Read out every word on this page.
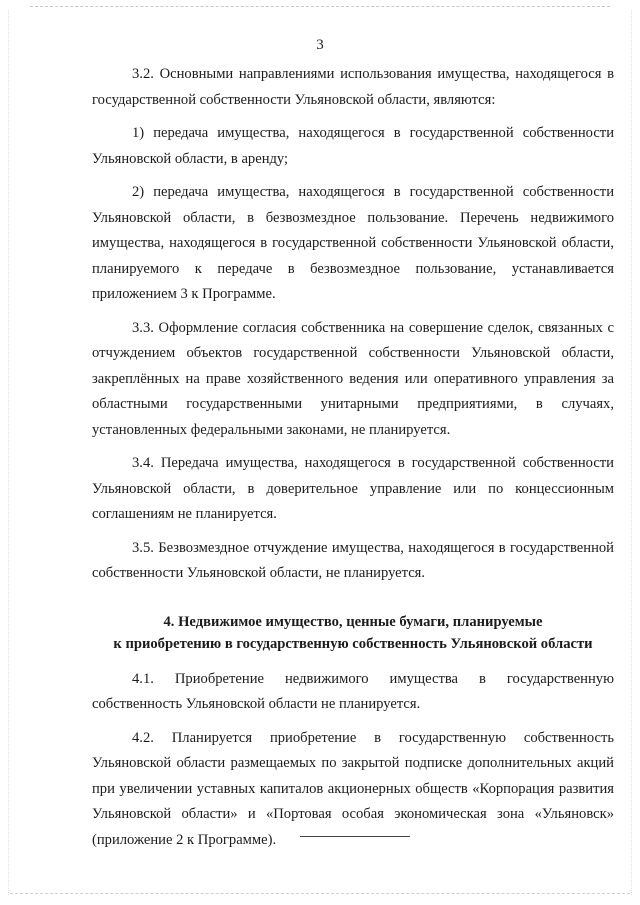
3

3.2. Основными направлениями использования имущества, находящегося в государственной собственности Ульяновской области, являются:

1) передача имущества, находящегося в государственной собственности Ульяновской области, в аренду;

2) передача имущества, находящегося в государственной собственности Ульяновской области, в безвозмездное пользование. Перечень недвижимого имущества, находящегося в государственной собственности Ульяновской области, планируемого к передаче в безвозмездное пользование, устанавливается приложением 3 к Программе.

3.3. Оформление согласия собственника на совершение сделок, связанных с отчуждением объектов государственной собственности Ульяновской области, закреплённых на праве хозяйственного ведения или оперативного управления за областными государственными унитарными предприятиями, в случаях, установленных федеральными законами, не планируется.

3.4. Передача имущества, находящегося в государственной собственности Ульяновской области, в доверительное управление или по концессионным соглашениям не планируется.

3.5. Безвозмездное отчуждение имущества, находящегося в государственной собственности Ульяновской области, не планируется.

4. Недвижимое имущество, ценные бумаги, планируемые
к приобретению в государственную собственность Ульяновской области

4.1. Приобретение недвижимого имущества в государственную собственность Ульяновской области не планируется.

4.2. Планируется приобретение в государственную собственность Ульяновской области размещаемых по закрытой подписке дополнительных акций при увеличении уставных капиталов акционерных обществ «Корпорация развития Ульяновской области» и «Портовая особая экономическая зона «Ульяновск» (приложение 2 к Программе).
